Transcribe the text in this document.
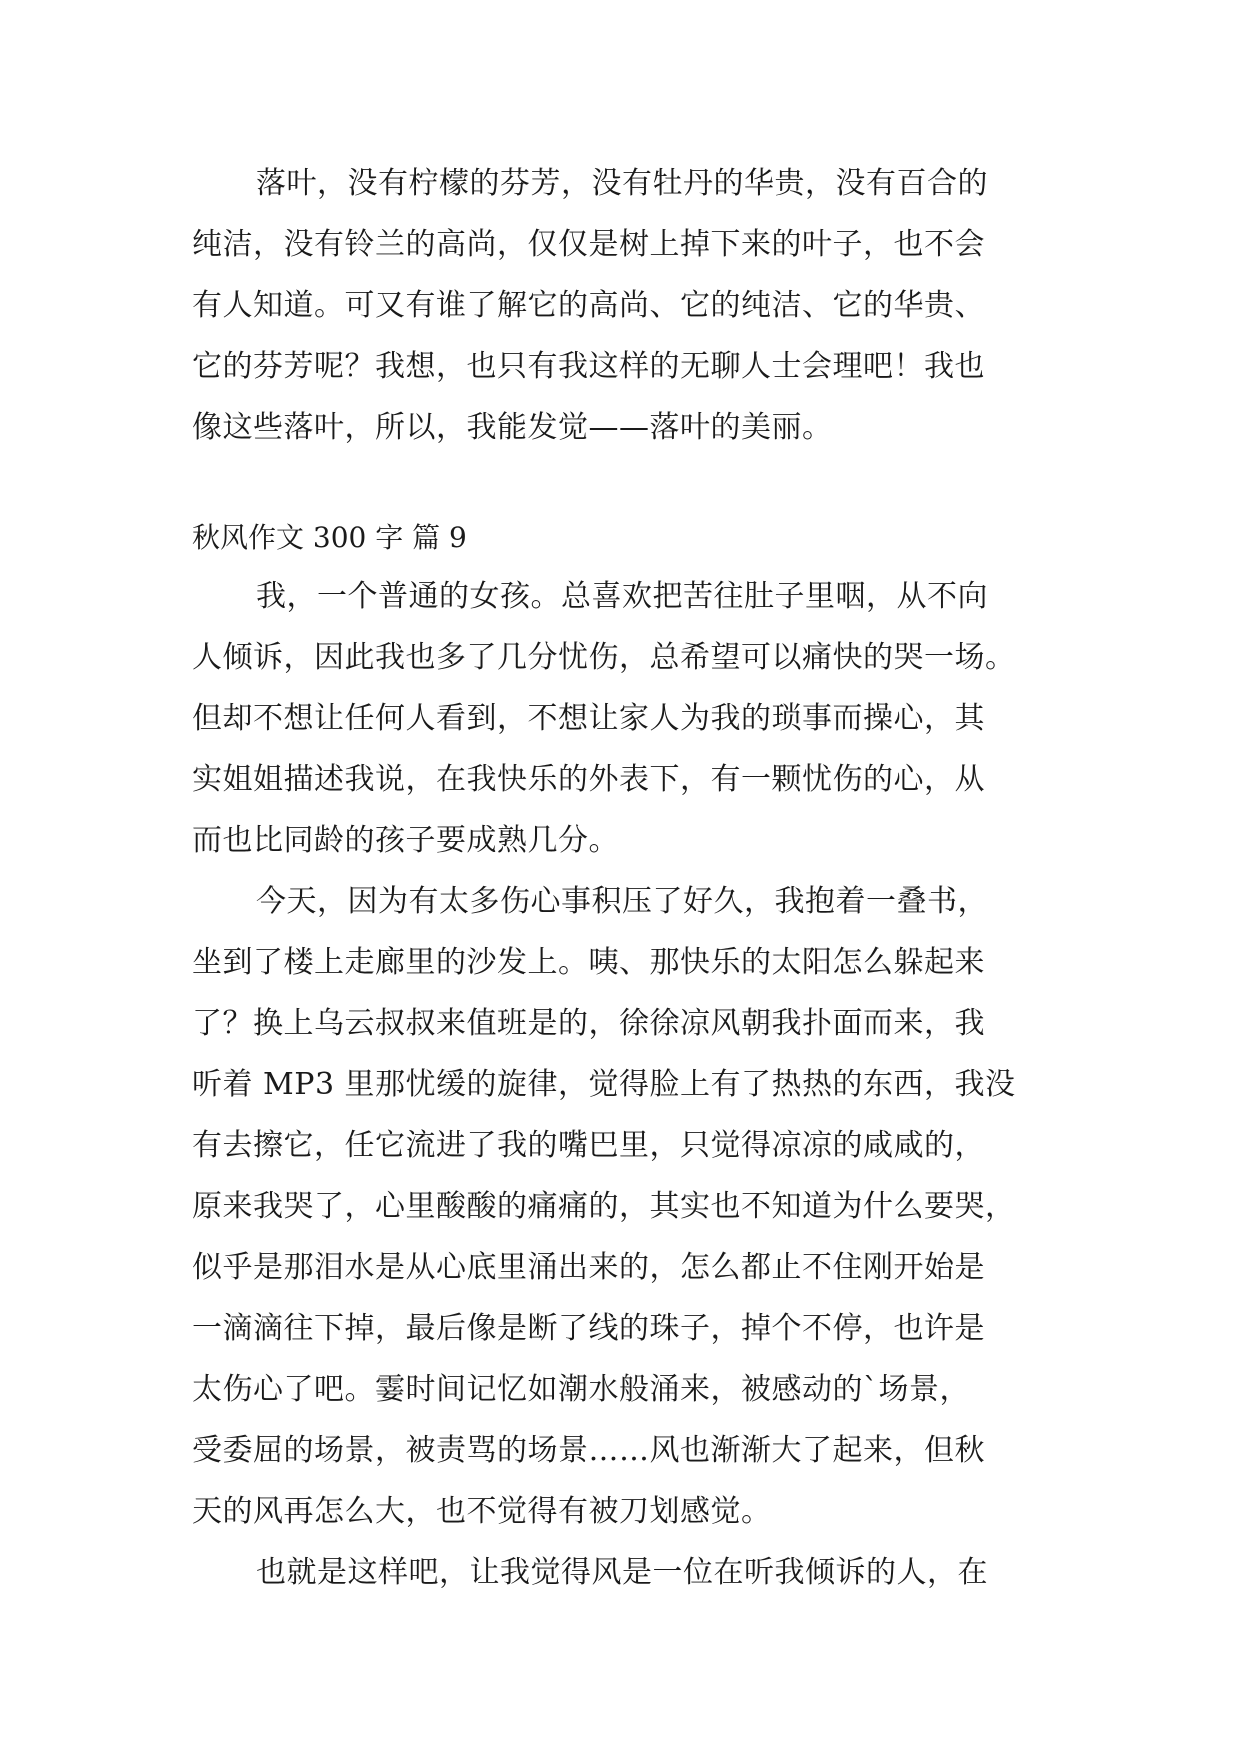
落叶，没有柠檬的芬芳，没有牡丹的华贵，没有百合的
纯洁，没有铃兰的高尚，仅仅是树上掉下来的叶子，也不会
有人知道。可又有谁了解它的高尚、它的纯洁、它的华贵、
它的芬芳呢？我想，也只有我这样的无聊人士会理吧！我也
像这些落叶，所以，我能发觉——落叶的美丽。
秋风作文 300 字 篇 9
我，一个普通的女孩。总喜欢把苦往肚子里咽，从不向
人倾诉，因此我也多了几分忧伤，总希望可以痛快的哭一场。
但却不想让任何人看到，不想让家人为我的琐事而操心，其
实姐姐描述我说，在我快乐的外表下，有一颗忧伤的心，从
而也比同龄的孩子要成熟几分。
今天，因为有太多伤心事积压了好久，我抱着一叠书，
坐到了楼上走廊里的沙发上。咦、那快乐的太阳怎么躲起来
了？换上乌云叔叔来值班是的，徐徐凉风朝我扑面而来，我
听着 MP3 里那忧缓的旋律，觉得脸上有了热热的东西，我没
有去擦它，任它流进了我的嘴巴里，只觉得凉凉的咸咸的，
原来我哭了，心里酸酸的痛痛的，其实也不知道为什么要哭，
似乎是那泪水是从心底里涌出来的，怎么都止不住刚开始是
一滴滴往下掉，最后像是断了线的珠子，掉个不停，也许是
太伤心了吧。霎时间记忆如潮水般涌来，被感动的`场景，
受委屈的场景，被责骂的场景……风也渐渐大了起来，但秋
天的风再怎么大，也不觉得有被刀划感觉。
也就是这样吧，让我觉得风是一位在听我倾诉的人，在
